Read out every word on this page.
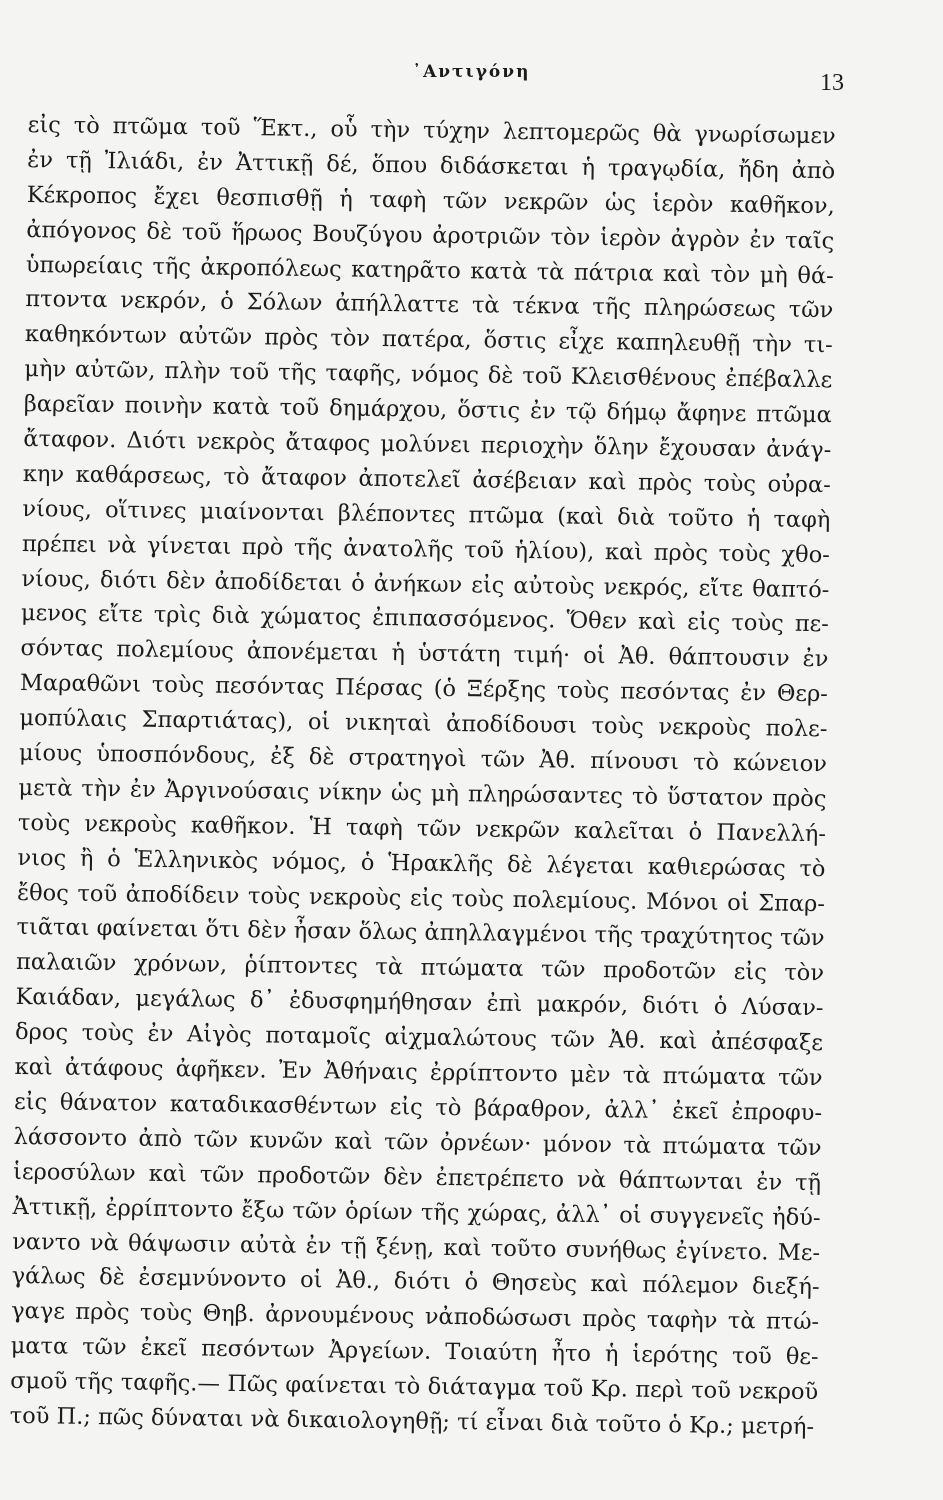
᾿Αντιγόνη	13
εἰς τὸ πτῶμα τοῦ Ἕκτ., οὗ τὴν τύχην λεπτομερῶς θὰ γνωρίσωμεν
ἐν τῇ Ἰλιάδι, ἐν Ἀττικῇ δέ, ὅπου διδάσκεται ἡ τραγῳδία, ἤδη ἀπὸ
Κέκροπος ἔχει θεσπισθῇ ἡ ταφὴ τῶν νεκρῶν ὡς ἱερὸν καθῆκον,
ἀπόγονος δὲ τοῦ ἥρωος Βουζύγου ἀροτριῶν τὸν ἱερὸν ἀγρὸν ἐν ταῖς
ὑπωρείαις τῆς ἀκροπόλεως κατηρᾶτο κατὰ τὰ πάτρια καὶ τὸν μὴ θά-
πτοντα νεκρόν, ὁ Σόλων ἀπήλλαττε τὰ τέκνα τῆς πληρώσεως τῶν
καθηκόντων αὐτῶν πρὸς τὸν πατέρα, ὅστις εἶχε καπηλευθῇ τὴν τι-
μὴν αὐτῶν, πλὴν τοῦ τῆς ταφῆς, νόμος δὲ τοῦ Κλεισθένους ἐπέβαλλε
βαρεῖαν ποινὴν κατὰ τοῦ δημάρχου, ὅστις ἐν τῷ δήμῳ ἄφηνε πτῶμα
ἄταφον. Διότι νεκρὸς ἄταφος μολύνει περιοχὴν ὅλην ἔχουσαν ἀνάγ-
κην καθάρσεως, τὸ ἄταφον ἀποτελεῖ ἀσέβειαν καὶ πρὸς τοὺς οὐρα-
νίους, οἵτινες μιαίνονται βλέποντες πτῶμα (καὶ διὰ τοῦτο ἡ ταφὴ
πρέπει νὰ γίνεται πρὸ τῆς ἀνατολῆς τοῦ ἡλίου), καὶ πρὸς τοὺς χθο-
νίους, διότι δὲν ἀποδίδεται ὁ ἀνήκων εἰς αὐτοὺς νεκρός, εἴτε θαπτό-
μενος εἴτε τρὶς διὰ χώματος ἐπιπασσόμενος. Ὅθεν καὶ εἰς τοὺς πε-
σόντας πολεμίους ἀπονέμεται ἡ ὑστάτη τιμή· οἱ Ἀθ. θάπτουσιν ἐν
Μαραθῶνι τοὺς πεσόντας Πέρσας (ὁ Ξέρξης τοὺς πεσόντας ἐν Θερ-
μοπύλαις Σπαρτιάτας), οἱ νικηταὶ ἀποδίδουσι τοὺς νεκροὺς πολε-
μίους ὑποσπόνδους, ἐξ δὲ στρατηγοὶ τῶν Ἀθ. πίνουσι τὸ κώνειον
μετὰ τὴν ἐν Ἀργινούσαις νίκην ὡς μὴ πληρώσαντες τὸ ὕστατον πρὸς
τοὺς νεκροὺς καθῆκον. Ἡ ταφὴ τῶν νεκρῶν καλεῖται ὁ Πανελλή-
νιος ἢ ὁ Ἑλληνικὸς νόμος, ὁ Ἡρακλῆς δὲ λέγεται καθιερώσας τὸ
ἔθος τοῦ ἀποδίδειν τοὺς νεκροὺς εἰς τοὺς πολεμίους. Μόνοι οἱ Σπαρ-
τιᾶται φαίνεται ὅτι δὲν ἦσαν ὅλως ἀπηλλαγμένοι τῆς τραχύτητος τῶν
παλαιῶν χρόνων, ῥίπτοντες τὰ πτώματα τῶν προδοτῶν εἰς τὸν
Καιάδαν, μεγάλως δ᾿ ἐδυσφημήθησαν ἐπὶ μακρόν, διότι ὁ Λύσαν-
δρος τοὺς ἐν Αἰγὸς ποταμοῖς αἰχμαλώτους τῶν Ἀθ. καὶ ἀπέσφαξε
καὶ ἀτάφους ἀφῆκεν. Ἐν Ἀθήναις ἐρρίπτοντο μὲν τὰ πτώματα τῶν
εἰς θάνατον καταδικασθέντων εἰς τὸ βάραθρον, ἀλλ᾿ ἐκεῖ ἐπροφυ-
λάσσοντο ἀπὸ τῶν κυνῶν καὶ τῶν ὀρνέων· μόνον τὰ πτώματα τῶν
ἱεροσύλων καὶ τῶν προδοτῶν δὲν ἐπετρέπετο νὰ θάπτωνται ἐν τῇ
Ἀττικῇ, ἐρρίπτοντο ἔξω τῶν ὁρίων τῆς χώρας, ἀλλ᾿ οἱ συγγενεῖς ἠδύ-
ναντο νὰ θάψωσιν αὐτὰ ἐν τῇ ξένῃ, καὶ τοῦτο συνήθως ἐγίνετο. Με-
γάλως δὲ ἐσεμνύνοντο οἱ Ἀθ., διότι ὁ Θησεὺς καὶ πόλεμον διεξή-
γαγε πρὸς τοὺς Θηβ. ἀρνουμένους νἀποδώσωσι πρὸς ταφὴν τὰ πτώ-
ματα τῶν ἐκεῖ πεσόντων Ἀργείων. Τοιαύτη ἦτο ἡ ἱερότης τοῦ θε-
σμοῦ τῆς ταφῆς.— Πῶς φαίνεται τὸ διάταγμα τοῦ Κρ. περὶ τοῦ νεκροῦ
τοῦ Π.; πῶς δύναται νὰ δικαιολογηθῇ; τί εἶναι διὰ τοῦτο ὁ Κρ.; μετρή-
